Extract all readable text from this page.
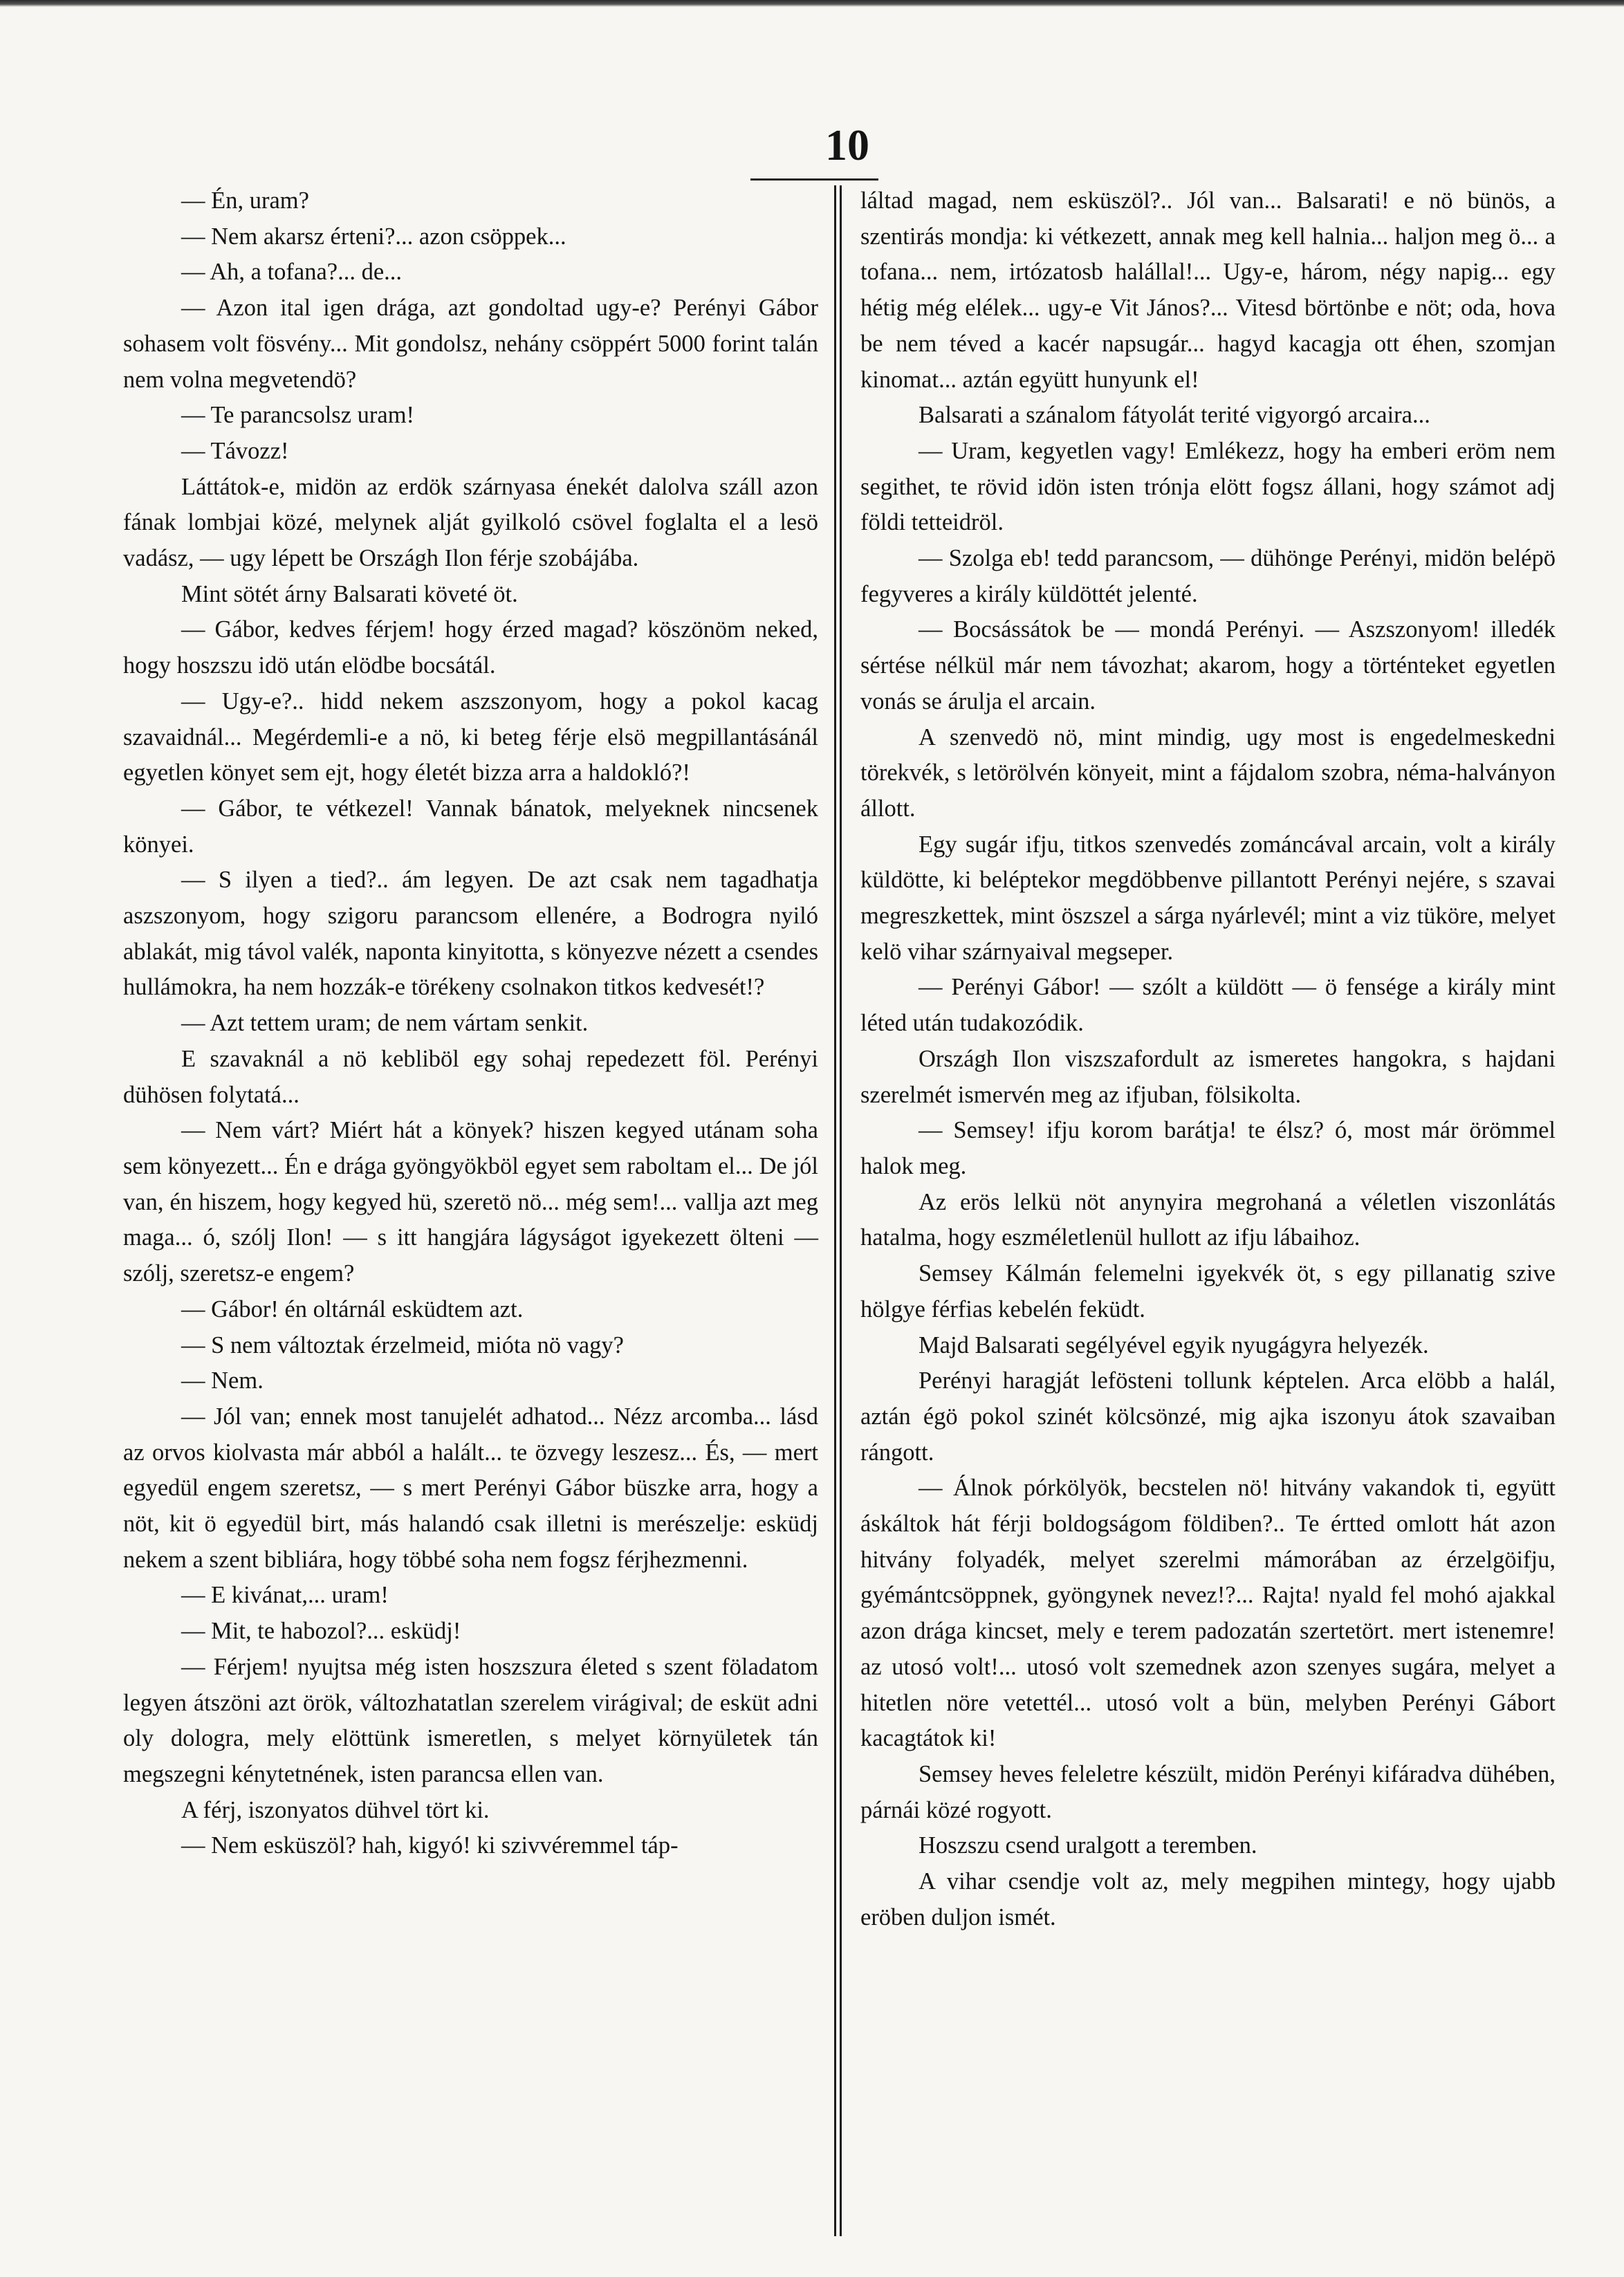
10

— Én, uram?

— Nem akarsz érteni?... azon csöppek...

— Ah, a tofana?... de...

— Azon ital igen drága, azt gondoltad ugy-e? Perényi Gábor sohasem volt fösvény... Mit gondolsz, nehány csöppért 5000 forint talán nem volna megvetendö?

— Te parancsolsz uram!

— Távozz!

Láttátok-e, midön az erdök szárnyasa énekét dalolva száll azon fának lombjai közé, melynek alját gyilkoló csövel foglalta el a lesö vadász, — ugy lépett be Országh Ilon férje szobájába.

Mint sötét árny Balsarati követé öt.

— Gábor, kedves férjem! hogy érzed magad? köszönöm neked, hogy hoszszu idö után elödbe bocsátál.

— Ugy-e?.. hidd nekem aszszonyom, hogy a pokol kacag szavaidnál... Megérdemli-e a nö, ki beteg férje elsö megpillantásánál egyetlen könyet sem ejt, hogy életét bizza arra a haldokló?!

— Gábor, te vétkezel! Vannak bánatok, melyeknek nincsenek könyei.

— S ilyen a tied?.. ám legyen. De azt csak nem tagadhatja aszszonyom, hogy szigoru parancsom ellenére, a Bodrogra nyiló ablakát, mig távol valék, naponta kinyitotta, s könyezve nézett a csendes hullámokra, ha nem hozzák-e törékeny csolnakon titkos kedvesét!?

— Azt tettem uram; de nem vártam senkit.

E szavaknál a nö kebliböl egy sohaj repedezett föl. Perényi dühösen folytatá...

— Nem várt? Miért hát a könyek? hiszen kegyed utánam soha sem könyezett... Én e drága gyöngyökböl egyet sem raboltam el... De jól van, én hiszem, hogy kegyed hü, szeretö nö... még sem!... vallja azt meg maga... ó, szólj Ilon! — s itt hangjára lágyságot igyekezett ölteni — szólj, szeretsz-e engem?

— Gábor! én oltárnál esküdtem azt.

— S nem változtak érzelmeid, mióta nö vagy?

— Nem.

— Jól van; ennek most tanujelét adhatod... Nézz arcomba... lásd az orvos kiolvasta már abból a halált... te özvegy leszesz... És, — mert egyedül engem szeretsz, — s mert Perényi Gábor büszke arra, hogy a nöt, kit ö egyedül birt, más halandó csak illetni is merészelje: esküdj nekem a szent bibliára, hogy többé soha nem fogsz férjhezmenni.

— E kivánat,... uram!

— Mit, te habozol?... esküdj!

— Férjem! nyujtsa még isten hoszszura életed s szent föladatom legyen átszöni azt örök, változhatatlan szerelem virágival; de esküt adni oly dologra, mely elöttünk ismeretlen, s melyet környületek tán megszegni kénytetnének, isten parancsa ellen van.

A férj, iszonyatos dühvel tört ki.

— Nem esküszöl? hah, kigyó! ki szivvéremmel táp-

láltad magad, nem esküszöl?.. Jól van... Balsarati! e nö bünös, a szentirás mondja: ki vétkezett, annak meg kell halnia... haljon meg ö... a tofana... nem, irtózatosb halállal!... Ugy-e, három, négy napig... egy hétig még elélek... ugy-e Vit János?... Vitesd börtönbe e nöt; oda, hova be nem téved a kacér napsugár... hagyd kacagja ott éhen, szomjan kinomat... aztán együtt hunyunk el!

Balsarati a szánalom fátyolát terité vigyorgó arcaira...

— Uram, kegyetlen vagy! Emlékezz, hogy ha emberi eröm nem segithet, te rövid idön isten trónja elött fogsz állani, hogy számot adj földi tetteidröl.

— Szolga eb! tedd parancsom, — dühönge Perényi, midön belépö fegyveres a király küldöttét jelenté.

— Bocsássátok be — mondá Perényi. — Aszszonyom! illedék sértése nélkül már nem távozhat; akarom, hogy a történteket egyetlen vonás se árulja el arcain.

A szenvedö nö, mint mindig, ugy most is engedelmeskedni törekvék, s letörölvén könyeit, mint a fájdalom szobra, néma-halványon állott.

Egy sugár ifju, titkos szenvedés zománcával arcain, volt a király küldötte, ki beléptekor megdöbbenve pillantott Perényi nejére, s szavai megreszkettek, mint öszszel a sárga nyárlevél; mint a viz tüköre, melyet kelö vihar szárnyaival megseper.

— Perényi Gábor! — szólt a küldött — ö fensége a király mint léted után tudakozódik.

Országh Ilon viszszafordult az ismeretes hangokra, s hajdani szerelmét ismervén meg az ifjuban, fölsikolta.

— Semsey! ifju korom barátja! te élsz? ó, most már örömmel halok meg.

Az erös lelkü nöt anynyira megrohaná a véletlen viszonlátás hatalma, hogy eszméletlenül hullott az ifju lábaihoz.

Semsey Kálmán felemelni igyekvék öt, s egy pillanatig szive hölgye férfias kebelén feküdt.

Majd Balsarati segélyével egyik nyugágyra helyezék.

Perényi haragját lefösteni tollunk képtelen. Arca elöbb a halál, aztán égö pokol szinét kölcsönzé, mig ajka iszonyu átok szavaiban rángott.

— Álnok pórkölyök, becstelen nö! hitvány vakandok ti, együtt áskáltok hát férji boldogságom földiben?.. Te értted omlott hát azon hitvány folyadék, melyet szerelmi mámorában az érzelgöifju, gyémántcsöppnek, gyöngynek nevez!?... Rajta! nyald fel mohó ajakkal azon drága kincset, mely e terem padozatán szertetört. mert istenemre! az utosó volt!... utosó volt szemednek azon szenyes sugára, melyet a hitetlen nöre vetettél... utosó volt a bün, melyben Perényi Gábort kacagtátok ki!

Semsey heves feleletre készült, midön Perényi kifáradva dühében, párnái közé rogyott.

Hoszszu csend uralgott a teremben.

A vihar csendje volt az, mely megpihen mintegy, hogy ujabb eröben duljon ismét.
